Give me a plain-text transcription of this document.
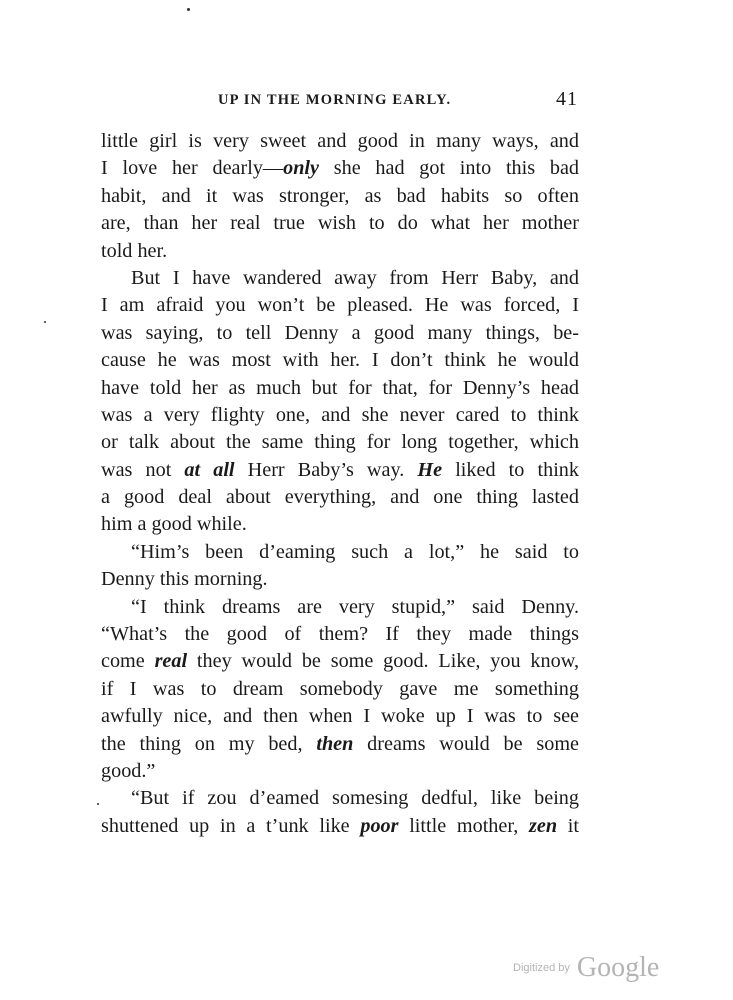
UP IN THE MORNING EARLY.	41
little girl is very sweet and good in many ways, and
I love her dearly—only she had got into this bad
habit, and it was stronger, as bad habits so often
are, than her real true wish to do what her mother
told her.
But I have wandered away from Herr Baby, and
I am afraid you won’t be pleased. He was forced, I
was saying, to tell Denny a good many things, be-
cause he was most with her. I don’t think he would
have told her as much but for that, for Denny’s head
was a very flighty one, and she never cared to think
or talk about the same thing for long together, which
was not at all Herr Baby’s way. He liked to think
a good deal about everything, and one thing lasted
him a good while.
“Him’s been d’eaming such a lot,” he said to
Denny this morning.
“I think dreams are very stupid,” said Denny.
“What’s the good of them? If they made things
come real they would be some good. Like, you know,
if I was to dream somebody gave me something
awfully nice, and then when I woke up I was to see
the thing on my bed, then dreams would be some
good.”
“But if zou d’eamed somesing dedful, like being
shuttened up in a t’unk like poor little mother, zen it
Digitized by Google
